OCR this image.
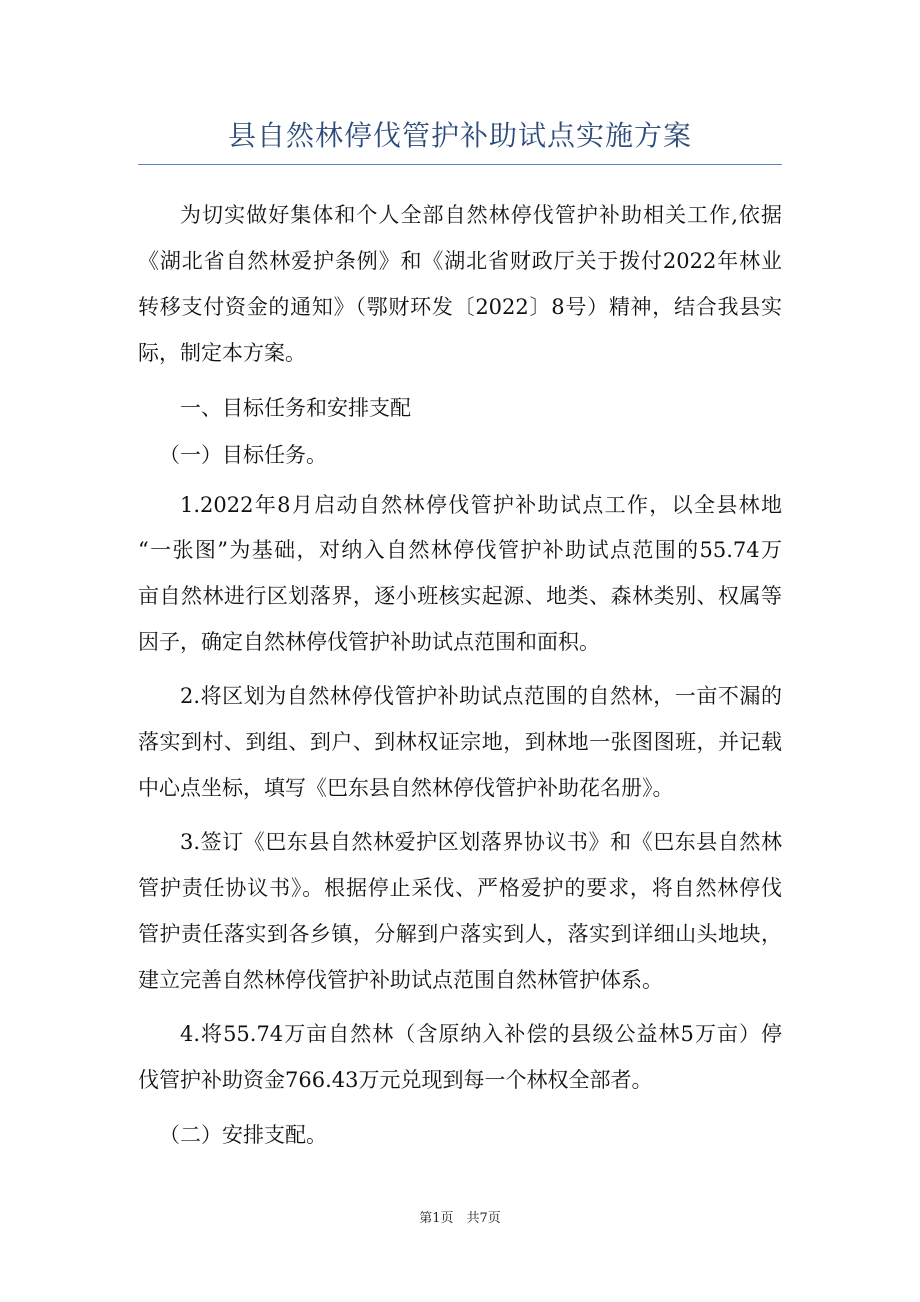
县自然林停伐管护补助试点实施方案
为切实做好集体和个人全部自然林停伐管护补助相关工作,依据
《湖北省自然林爱护条例》和《湖北省财政厅关于拨付2022年林业
转移支付资金的通知》（鄂财环发〔2022〕8号）精神，结合我县实
际，制定本方案。
一、目标任务和安排支配
（一）目标任务。
1.2022年8月启动自然林停伐管护补助试点工作，以全县林地
“一张图”为基础，对纳入自然林停伐管护补助试点范围的55.74万
亩自然林进行区划落界，逐小班核实起源、地类、森林类别、权属等
因子，确定自然林停伐管护补助试点范围和面积。
2.将区划为自然林停伐管护补助试点范围的自然林，一亩不漏的
落实到村、到组、到户、到林权证宗地，到林地一张图图班，并记载
中心点坐标，填写《巴东县自然林停伐管护补助花名册》。
3.签订《巴东县自然林爱护区划落界协议书》和《巴东县自然林
管护责任协议书》。根据停止采伐、严格爱护的要求，将自然林停伐
管护责任落实到各乡镇，分解到户落实到人，落实到详细山头地块，
建立完善自然林停伐管护补助试点范围自然林管护体系。
4.将55.74万亩自然林（含原纳入补偿的县级公益林5万亩）停
伐管护补助资金766.43万元兑现到每一个林权全部者。
（二）安排支配。
第1页　共7页
